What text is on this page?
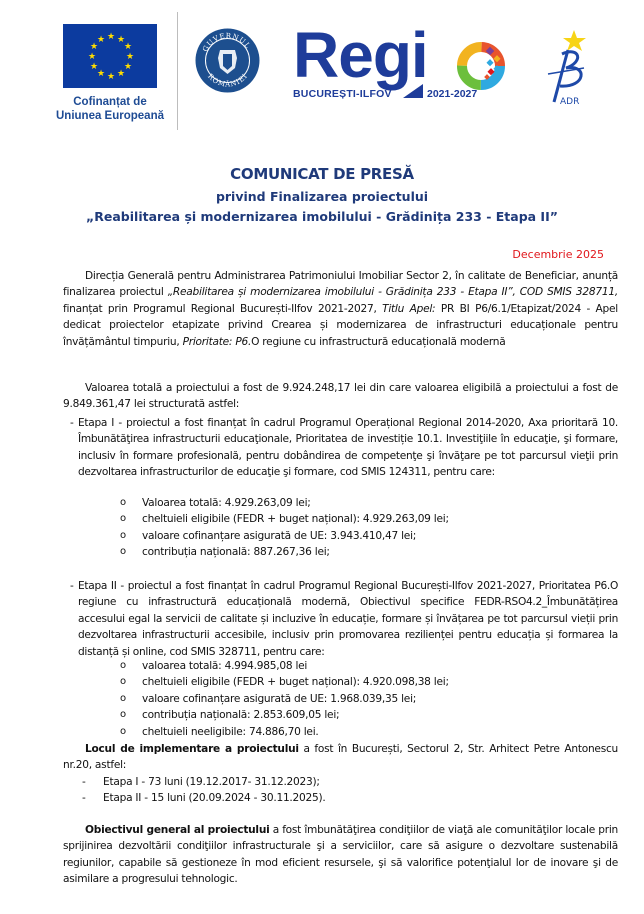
★ ★
★
★
★
★
★
★
★
★
★
★
Cofinanțat de
Uniunea Europeană
GUVERNUL
ROMÂNIEI Regi
BUCUREȘTI-ILFOV	2021-2027
ADR
COMUNICAT DE PRESĂ
privind Finalizarea proiectului
„Reabilitarea și modernizarea imobilului - Grădinița 233 - Etapa II”
Decembrie 2025
Direcția Generală pentru Administrarea Patrimoniului Imobiliar Sector 2, în calitate de Beneficiar, anunță finalizarea proiectul „Reabilitarea și modernizarea imobilului - Grădinița 233 - Etapa II”, COD SMIS 328711, finanțat prin Programul Regional București-Ilfov 2021-2027, Titlu Apel: PR BI P6/6.1/Etapizat/2024 - Apel dedicat proiectelor etapizate privind Crearea și modernizarea de infrastructuri educaționale pentru învățământul timpuriu, Prioritate: P6.O regiune cu infrastructură educațională modernă
Valoarea totală a proiectului a fost de 9.924.248,17 lei din care valoarea eligibilă a proiectului a fost de 9.849.361,47 lei structurată astfel:
- Etapa I - proiectul a fost finanțat în cadrul Programul Operațional Regional 2014-2020, Axa prioritară 10. Îmbunătăţirea infrastructurii educaţionale, Prioritatea de investiție 10.1. Investiţiile în educaţie, şi formare, inclusiv în formare profesională, pentru dobândirea de competenţe şi învăţare pe tot parcursul vieţii prin dezvoltarea infrastructurilor de educaţie şi formare, cod SMIS 124311, pentru care:
o Valoarea totală: 4.929.263,09 lei;
o cheltuieli eligibile (FEDR + buget național): 4.929.263,09 lei;
o valoare cofinanțare asigurată de UE: 3.943.410,47 lei;
o contribuția națională: 887.267,36 lei;
- Etapa II - proiectul a fost finanțat în cadrul Programul Regional București-Ilfov 2021-2027, Prioritatea P6.O regiune cu infrastructură educațională modernă, Obiectivul specifice FEDR-RSO4.2_Îmbunătățirea accesului egal la servicii de calitate și incluzive în educație, formare și învățarea pe tot parcursul vieții prin dezvoltarea infrastructurii accesibile, inclusiv prin promovarea rezilienței pentru educația și formarea la distanță și online, cod SMIS 328711, pentru care:
o valoarea totală: 4.994.985,08 lei
o cheltuieli eligibile (FEDR + buget național): 4.920.098,38 lei;
o valoare cofinanțare asigurată de UE: 1.968.039,35 lei;
o contribuția națională: 2.853.609,05 lei;
o cheltuieli neeligibile: 74.886,70 lei.
Locul de implementare a proiectului a fost în București, Sectorul 2, Str. Arhitect Petre Antonescu nr.20, astfel:
- Etapa I - 73 luni (19.12.2017- 31.12.2023);
- Etapa II - 15 luni (20.09.2024 - 30.11.2025).
Obiectivul general al proiectului a fost îmbunătăţirea condiţiilor de viaţă ale comunităţilor locale prin sprijinirea dezvoltării condiţiilor infrastructurale şi a serviciilor, care să asigure o dezvoltare sustenabilă regiunilor, capabile să gestioneze în mod eficient resursele, şi să valorifice potenţialul lor de inovare şi de asimilare a progresului tehnologic.
